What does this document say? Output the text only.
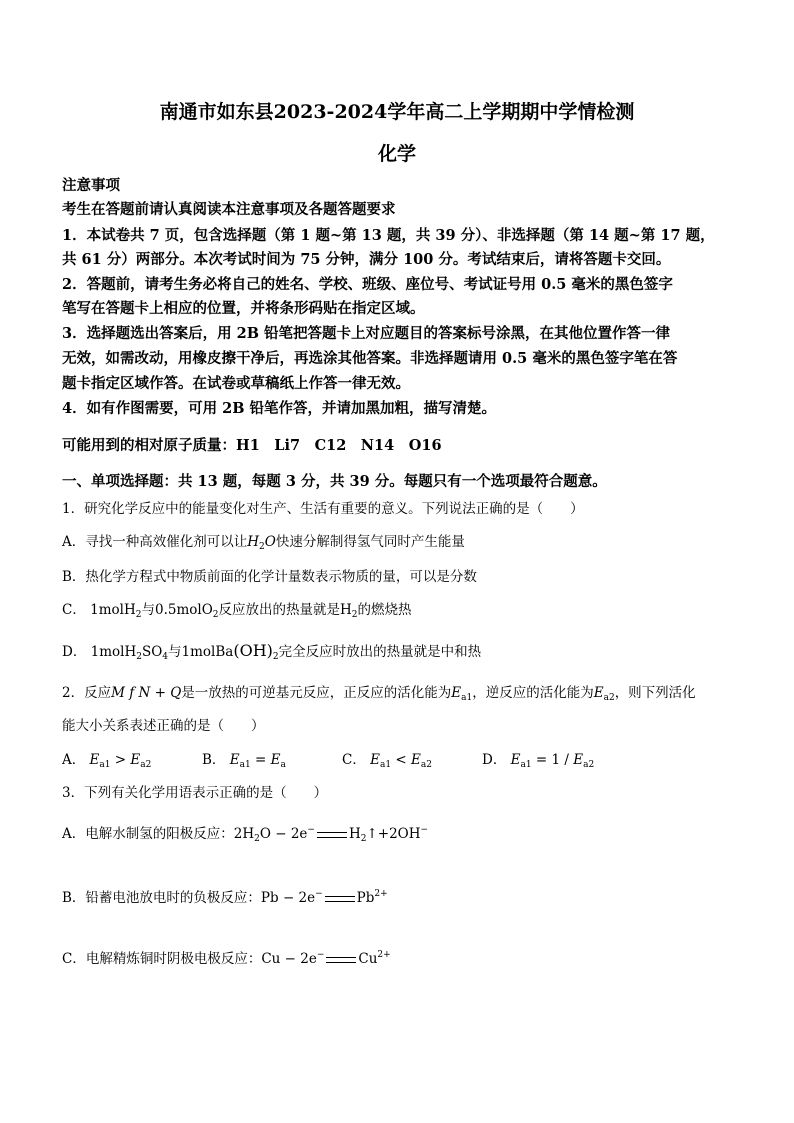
南通市如东县2023-2024学年高二上学期期中学情检测
化学
注意事项
考生在答题前请认真阅读本注意事项及各题答题要求
1．本试卷共 7 页，包含选择题（第 1 题~第 13 题，共 39 分）、非选择题（第 14 题~第 17 题，
共 61 分）两部分。本次考试时间为 75 分钟，满分 100 分。考试结束后，请将答题卡交回。
2．答题前，请考生务必将自己的姓名、学校、班级、座位号、考试证号用 0.5 毫米的黑色签字
笔写在答题卡上相应的位置，并将条形码贴在指定区域。
3．选择题选出答案后，用 2B 铅笔把答题卡上对应题目的答案标号涂黑，在其他位置作答一律
无效，如需改动，用橡皮擦干净后，再选涂其他答案。非选择题请用 0.5 毫米的黑色签字笔在答
题卡指定区域作答。在试卷或草稿纸上作答一律无效。
4．如有作图需要，可用 2B 铅笔作答，并请加黑加粗，描写清楚。
可能用到的相对原子质量：H1　Li7　C12　N14　O16
一、单项选择题：共 13 题，每题 3 分，共 39 分。每题只有一个选项最符合题意。
1．研究化学反应中的能量变化对生产、生活有重要的意义。下列说法正确的是（　　）
A．寻找一种高效催化剂可以让$H_2O$快速分解制得氢气同时产生能量
B．热化学方程式中物质前面的化学计量数表示物质的量，可以是分数
C． 1molH$_2$与0.5molO$_2$反应放出的热量就是$H_2$的燃烧热
D． $1molH_2SO_4$与$1molBa(OH)_2$完全反应时放出的热量就是中和热
2．反应M f N + Q是一放热的可逆基元反应，正反应的活化能为$E_{a1}$，逆反应的活化能为$E_{a2}$，则下列活化
能大小关系表述正确的是（　　）
A． $E_{a1} > E_{a2}$	B． $E_{a1} = E_a$	C． $E_{a1} < E_{a2}$	D． $E_{a1} = 1 / E_{a2}$
3．下列有关化学用语表示正确的是（　　）
A．电解水制氢的阳极反应：$2H_2O - 2e^-$	$H_2↑+2OH^-$
B．铅蓄电池放电时的负极反应：Pb − 2e−	$Pb^{2+}$
C．电解精炼铜时阴极电极反应：Cu − 2e−	$Cu^{2+}$
